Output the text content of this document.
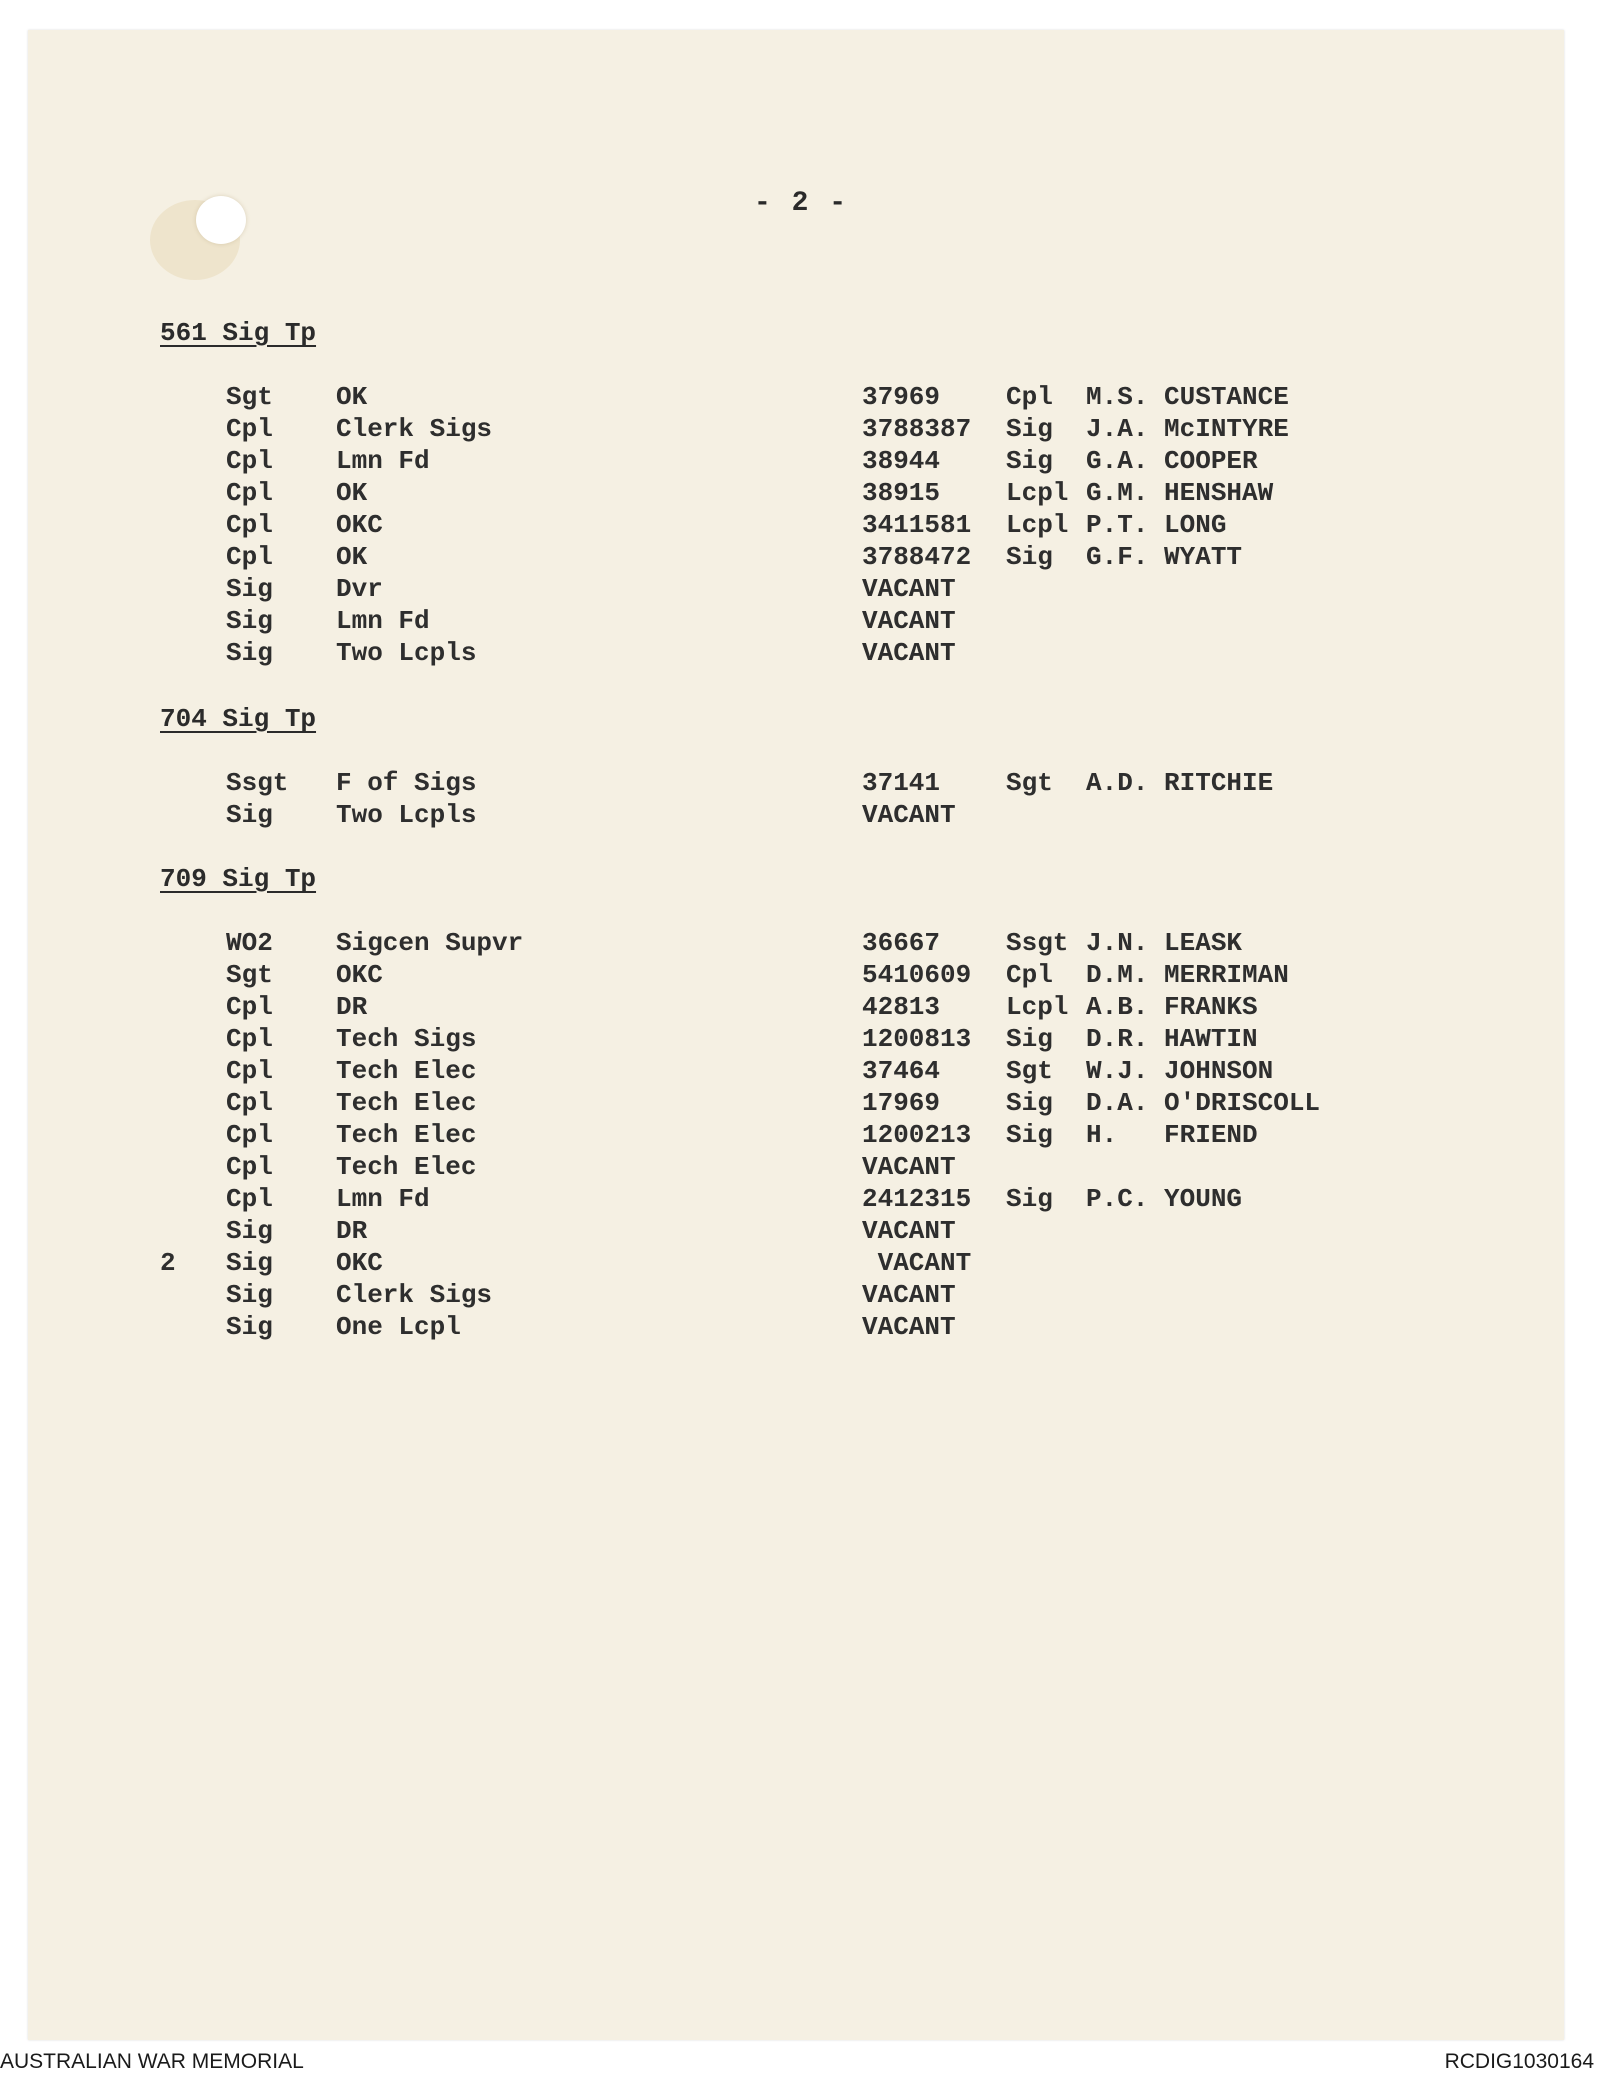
- 2 -
561 Sig Tp
Sgt OK	37969	Cpl M.S. CUSTANCE
Cpl Clerk Sigs	3788387 Sig J.A. McINTYRE
Cpl Lmn Fd	38944	Sig G.A. COOPER
Cpl OK	38915	Lcpl G.M. HENSHAW
Cpl OKC	3411581 Lcpl P.T. LONG
Cpl OK	3788472 Sig G.F. WYATT
Sig Dvr	VACANT
Sig Lmn Fd	VACANT
Sig Two Lcpls	VACANT
704 Sig Tp
Ssgt F of Sigs	37141	Sgt A.D. RITCHIE
Sig Two Lcpls	VACANT
709 Sig Tp
WO2 Sigcen Supvr	36667	Ssgt J.N. LEASK
Sgt OKC	5410609 Cpl D.M. MERRIMAN
Cpl DR	42813	Lcpl A.B. FRANKS
Cpl Tech Sigs	1200813 Sig D.R. HAWTIN
Cpl Tech Elec	37464	Sgt W.J. JOHNSON
Cpl Tech Elec	17969	Sig D.A. O'DRISCOLL
Cpl Tech Elec	1200213 Sig H.   FRIEND
Cpl Tech Elec	VACANT
Cpl Lmn Fd	2412315 Sig P.C. YOUNG
Sig DR	VACANT
2 Sig OKC	VACANT
Sig Clerk Sigs	VACANT
Sig One Lcpl	VACANT
AUSTRALIAN WAR MEMORIAL	RCDIG1030164
